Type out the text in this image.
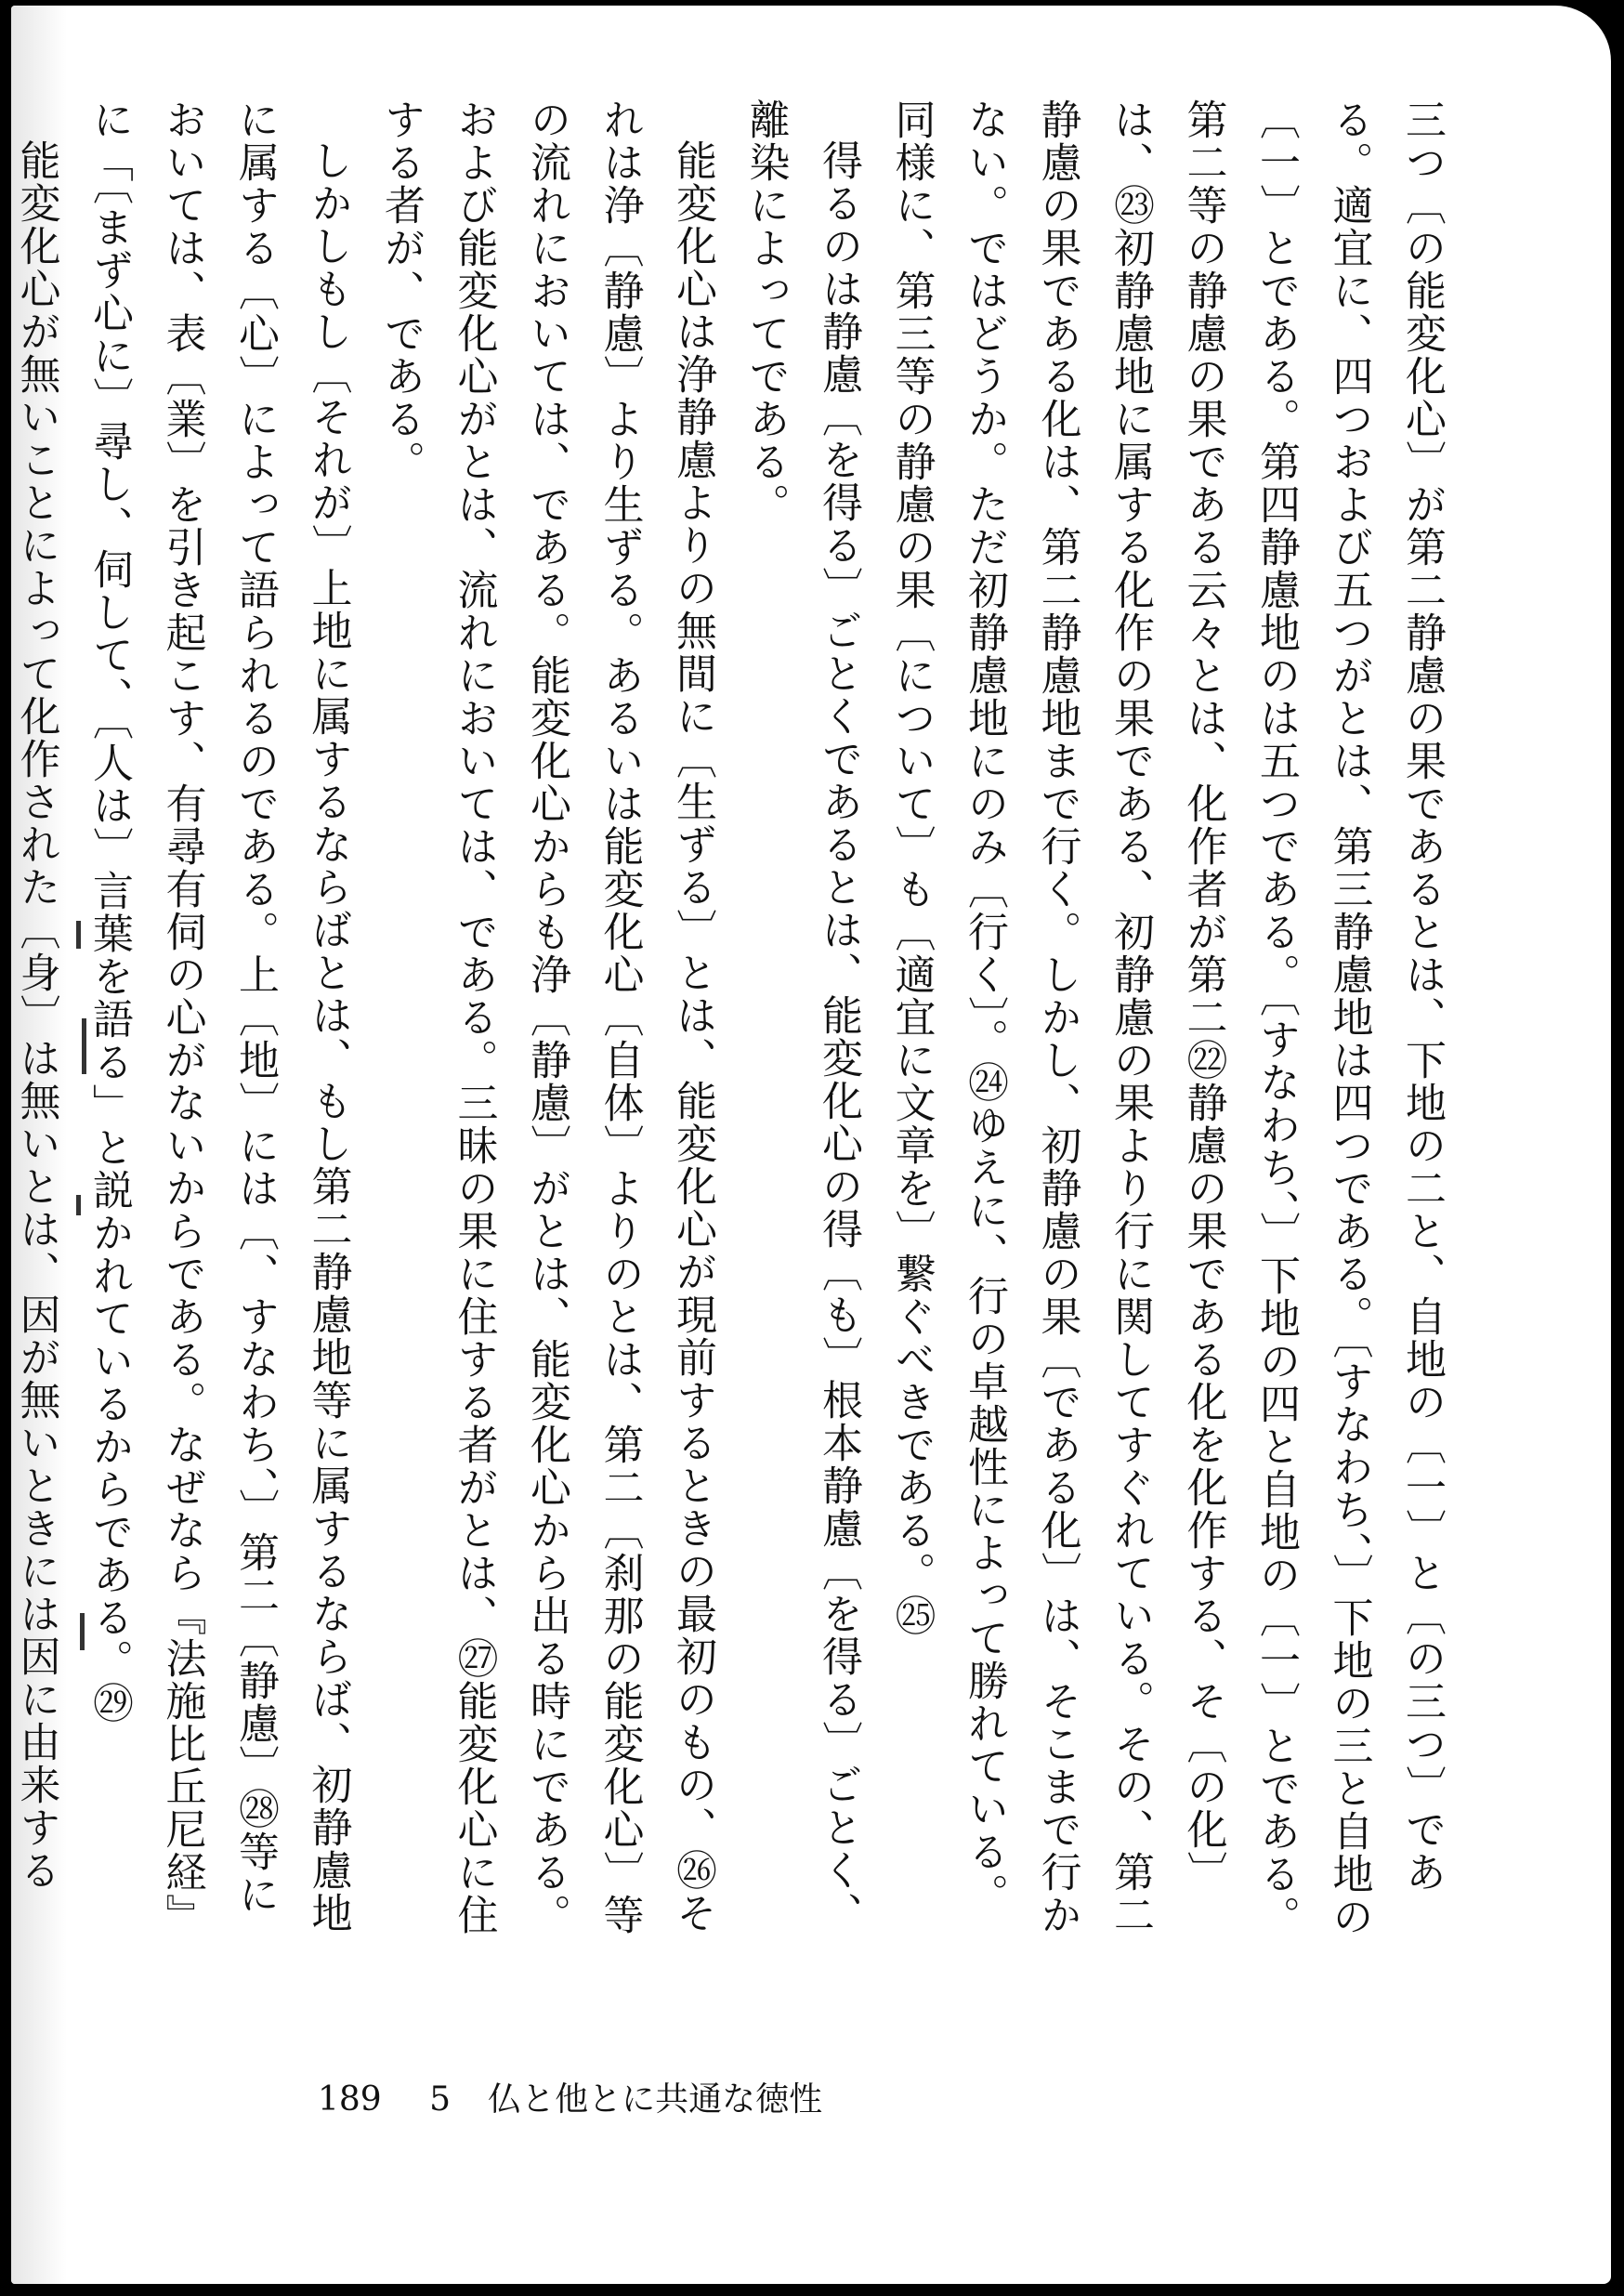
三つ〔の能変化心〕が第二静慮の果であるとは、下地の二と、自地の〔一〕と〔の三つ〕である。適宜に、四つおよび五つがとは、第三静慮地は四つである。〔すなわち、〕下地の三と自地の〔一〕とである。第四静慮地のは五つである。〔すなわち、〕下地の四と自地の〔一〕とである。第二等の静慮の果である云々とは、化作者が第二㉒静慮の果である化を化作する、そ〔の化〕は、㉓初静慮地に属する化作の果である、初静慮の果より行に関してすぐれている。その、第二静慮の果である化は、第二静慮地まで行く。しかし、初静慮の果〔である化〕は、そこまで行かない。ではどうか。ただ初静慮地にのみ〔行く〕。㉔ゆえに、行の卓越性によって勝れている。同様に、第三等の静慮の果〔について〕も〔適宜に文章を〕繋ぐべきである。㉕

得るのは静慮〔を得る〕ごとくであるとは、能変化心の得〔も〕根本静慮〔を得る〕ごとく、離染によってである。

能変化心は浄静慮よりの無間に〔生ずる〕とは、能変化心が現前するときの最初のもの、㉖それは浄〔静慮〕より生ずる。あるいは能変化心〔自体〕よりのとは、第二〔刹那の能変化心〕等の流れにおいては、である。能変化心からも浄〔静慮〕がとは、能変化心から出る時にである。および能変化心がとは、流れにおいては、である。三昧の果に住する者がとは、㉗能変化心に住する者が、である。

しかしもし〔それが〕上地に属するならばとは、もし第二静慮地等に属するならば、初静慮地に属する〔心〕によって語られるのである。上〔地〕には〔、すなわち、〕第二〔静慮〕㉘等においては、表〔業〕を引き起こす、有尋有伺の心がないからである。なぜなら『法施比丘尼経』に「〔まず心に〕尋し、伺して、〔人は〕言葉を語る」と説かれているからである。㉙

能変化心が無いことによって化作された〔身〕は無いとは、因が無いときには因に由来する

189 5 仏と他とに共通な徳性
